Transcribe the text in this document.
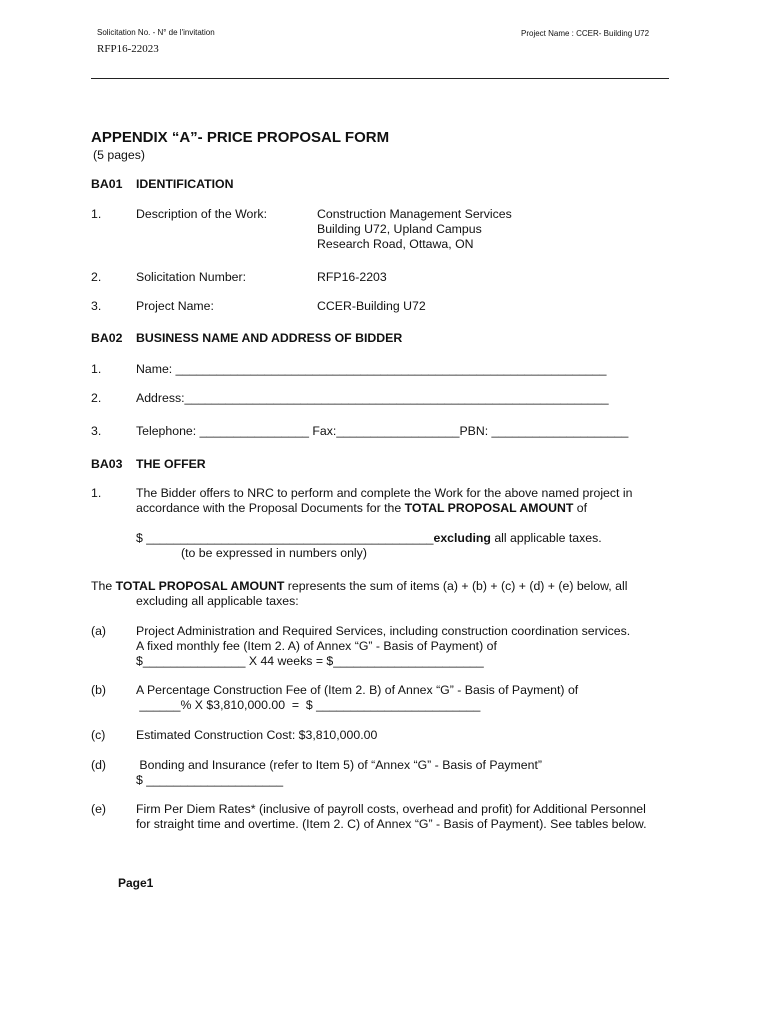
Solicitation No. - N° de l'invitation
RFP16-22023
Project Name : CCER- Building U72
APPENDIX “A”- PRICE PROPOSAL FORM
(5 pages)
BA01 IDENTIFICATION
1.	Description of the Work:	Construction Management Services
Building U72, Upland Campus
Research Road, Ottawa, ON
2.	Solicitation Number:	RFP16-2203
3.	Project Name:	CCER-Building U72
BA02 BUSINESS NAME AND ADDRESS OF BIDDER
1.	Name: _______________________________________________________________
2.	Address:______________________________________________________________
3.	Telephone: ________________ Fax:__________________PBN: ____________________
BA03 THE OFFER
1.	The Bidder offers to NRC to perform and complete the Work for the above named project in
accordance with the Proposal Documents for the TOTAL PROPOSAL AMOUNT of
$ __________________________________________excluding all applicable taxes.
(to be expressed in numbers only)
The TOTAL PROPOSAL AMOUNT represents the sum of items (a) + (b) + (c) + (d) + (e) below, all
excluding all applicable taxes:
(a) Project Administration and Required Services, including construction coordination services.
A fixed monthly fee (Item 2. A) of Annex “G” - Basis of Payment) of
$_______________ X 44 weeks = $______________________
(b) A Percentage Construction Fee of (Item 2. B) of Annex “G” - Basis of Payment) of
______% X $3,810,000.00  =  $ ________________________
(c) Estimated Construction Cost: $3,810,000.00
(d) Bonding and Insurance (refer to Item 5) of “Annex “G” - Basis of Payment”
$ ____________________
(e) Firm Per Diem Rates* (inclusive of payroll costs, overhead and profit) for Additional Personnel
for straight time and overtime. (Item 2. C) of Annex “G” - Basis of Payment). See tables below.
Page1
